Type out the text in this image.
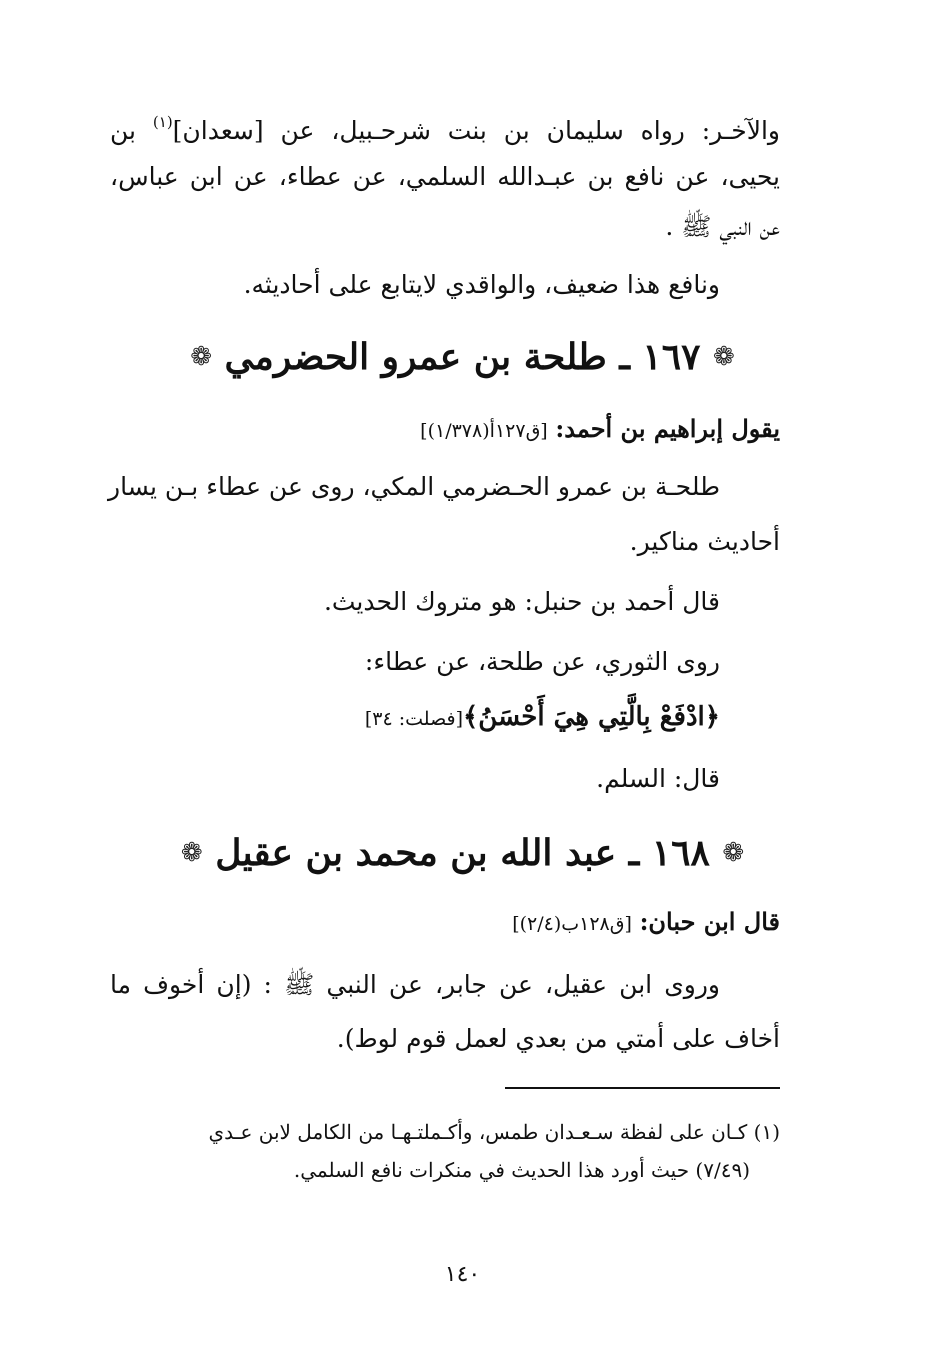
والآخـر: رواه سليمان بن بنت شرحـبيل، عن [سعدان]$^{(١)}$ بن
يحيى، عن نافع بن عبـدالله السلمي، عن عطاء، عن ابن عباس،
عن النبي ﷺ .
ونافع هذا ضعيف، والواقدي لايتابع على أحاديثه.
❁ ١٦٧ ـ طلحة بن عمرو الحضرمي ❁
يقول إبراهيم بن أحمد: [ق١٢٧أ(١/٣٧٨)]
طلحـة بن عمرو الحـضرمي المكي، روى عن عطاء بـن يسار
أحاديث مناكير.
قال أحمد بن حنبل: هو متروك الحديث.
روى الثوري، عن طلحة، عن عطاء:
﴿ادْفَعْ بِالَّتِي هِيَ أَحْسَنُ﴾[فصلت: ٣٤]
قال: السلم.
❁ ١٦٨ ـ عبد الله بن محمد بن عقيل ❁
قال ابن حبان: [ق١٢٨ب(٢/٤)]
وروى ابن عقيل، عن جابر، عن النبي ﷺ : (إن أخوف ما
أخاف على أمتي من بعدي لعمل قوم لوط).
(١) كـان على لفظة سـعـدان طمس، وأكـملتـهـا من الكامل لابن عـدي
(٧/٤٩) حيث أورد هذا الحديث في منكرات نافع السلمي.
١٤٠
